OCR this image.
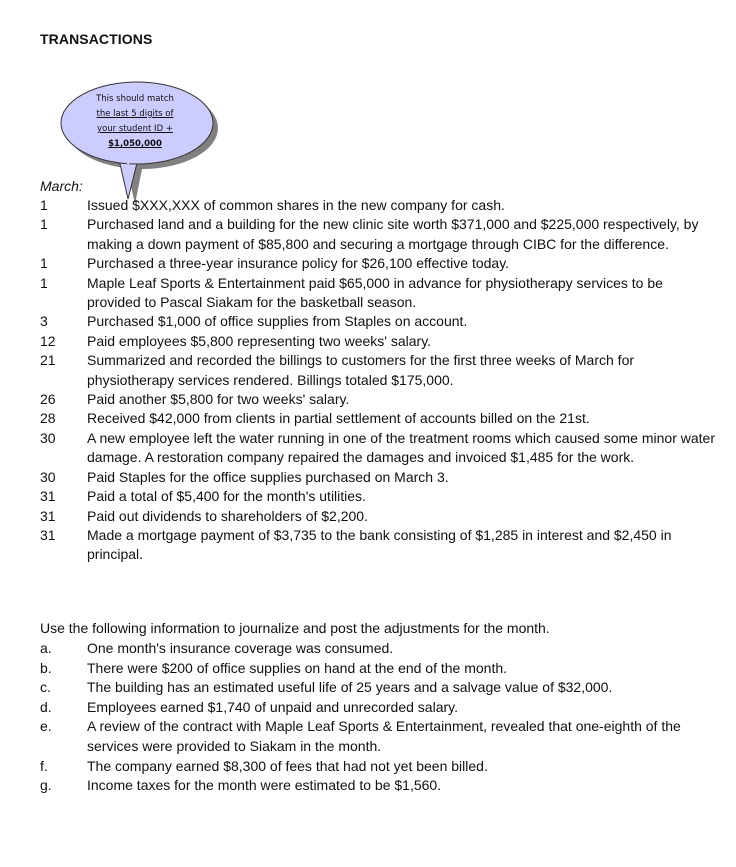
TRANSACTIONS
This should match
the last 5 digits of
your student ID +
$1,050,000
March:
1	Issued $XXX,XXX of common shares in the new company for cash.
1	Purchased land and a building for the new clinic site worth $371,000 and $225,000 respectively, by making a down payment of $85,800 and securing a mortgage through CIBC for the difference.
1	Purchased a three-year insurance policy for $26,100 effective today.
1	Maple Leaf Sports & Entertainment paid $65,000 in advance for physiotherapy services to be provided to Pascal Siakam for the basketball season.
3	Purchased $1,000 of office supplies from Staples on account.
12	Paid employees $5,800 representing two weeks' salary.
21	Summarized and recorded the billings to customers for the first three weeks of March for physiotherapy services rendered. Billings totaled $175,000.
26	Paid another $5,800 for two weeks' salary.
28	Received $42,000 from clients in partial settlement of accounts billed on the 21st.
30	A new employee left the water running in one of the treatment rooms which caused some minor water damage. A restoration company repaired the damages and invoiced $1,485 for the work.
30	Paid Staples for the office supplies purchased on March 3.
31	Paid a total of $5,400 for the month's utilities.
31	Paid out dividends to shareholders of $2,200.
31	Made a mortgage payment of $3,735 to the bank consisting of $1,285 in interest and $2,450 in principal.
Use the following information to journalize and post the adjustments for the month.
a.	One month's insurance coverage was consumed.
b.	There were $200 of office supplies on hand at the end of the month.
c.	The building has an estimated useful life of 25 years and a salvage value of $32,000.
d.	Employees earned $1,740 of unpaid and unrecorded salary.
e.	A review of the contract with Maple Leaf Sports & Entertainment, revealed that one-eighth of the services were provided to Siakam in the month.
f.	The company earned $8,300 of fees that had not yet been billed.
g.	Income taxes for the month were estimated to be $1,560.
